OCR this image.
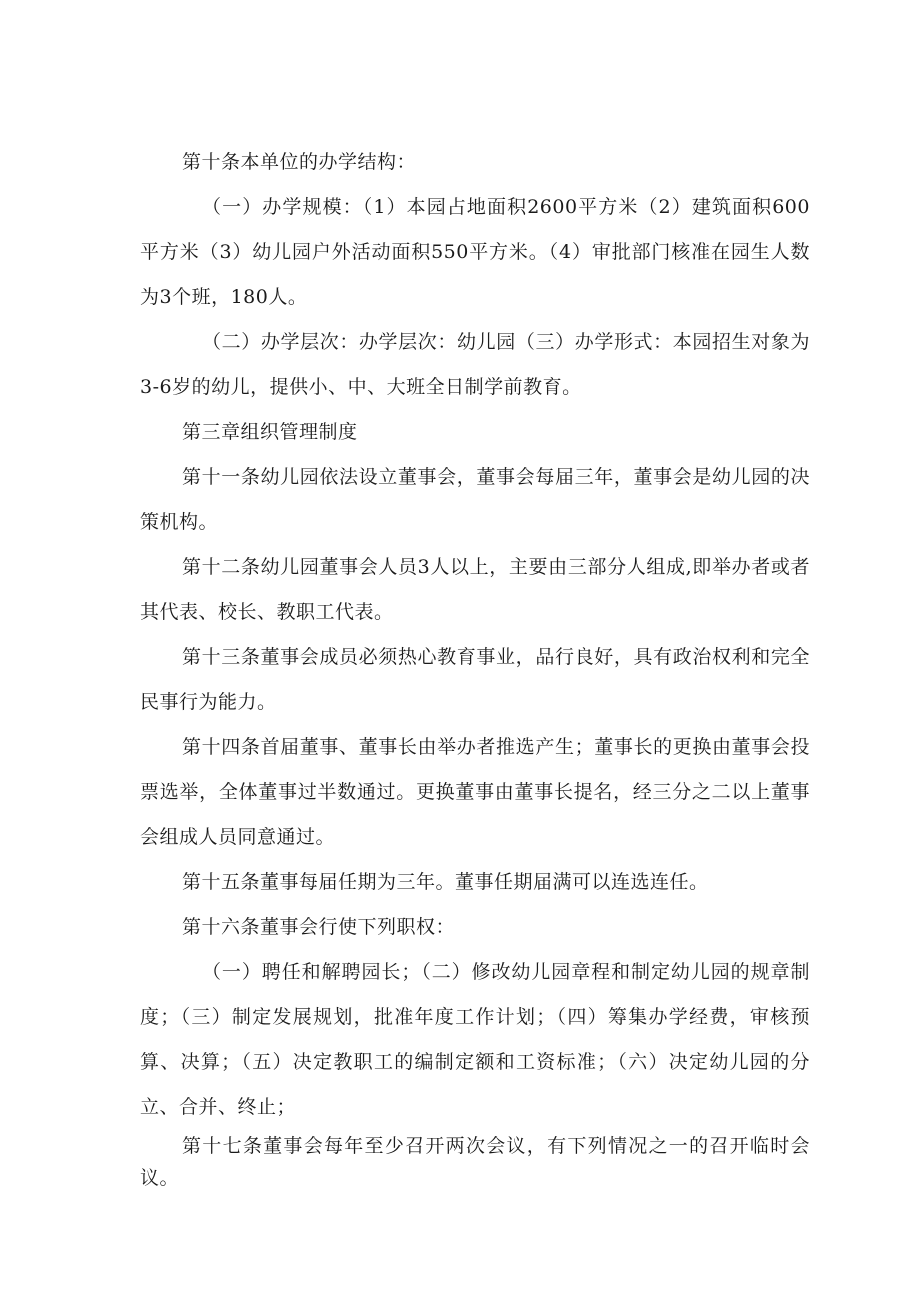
第十条本单位的办学结构：

（一）办学规模：（1）本园占地面积2600平方米（2）建筑面积600平方米（3）幼儿园户外活动面积550平方米。（4）审批部门核准在园生人数为3个班，180人。

（二）办学层次：办学层次：幼儿园（三）办学形式：本园招生对象为3-6岁的幼儿，提供小、中、大班全日制学前教育。

第三章组织管理制度

第十一条幼儿园依法设立董事会，董事会每届三年，董事会是幼儿园的决策机构。

第十二条幼儿园董事会人员3人以上，主要由三部分人组成,即举办者或者其代表、校长、教职工代表。

第十三条董事会成员必须热心教育事业，品行良好，具有政治权利和完全民事行为能力。

第十四条首届董事、董事长由举办者推选产生；董事长的更换由董事会投票选举，全体董事过半数通过。更换董事由董事长提名，经三分之二以上董事会组成人员同意通过。

第十五条董事每届任期为三年。董事任期届满可以连选连任。

第十六条董事会行使下列职权：

（一）聘任和解聘园长；（二）修改幼儿园章程和制定幼儿园的规章制度；（三）制定发展规划，批准年度工作计划；（四）筹集办学经费，审核预算、决算；（五）决定教职工的编制定额和工资标准；（六）决定幼儿园的分立、合并、终止；

第十七条董事会每年至少召开两次会议，有下列情况之一的召开临时会议。
